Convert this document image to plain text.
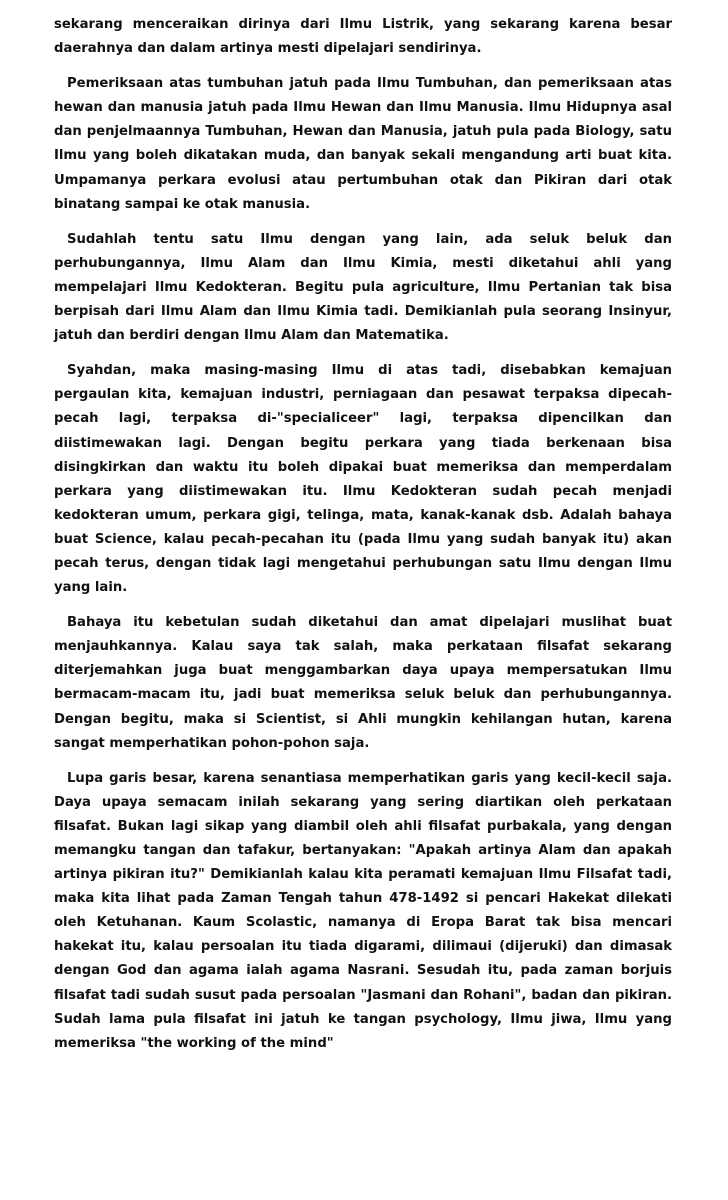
sekarang menceraikan dirinya dari Ilmu Listrik, yang sekarang karena besar daerahnya dan dalam artinya mesti dipelajari sendirinya.

Pemeriksaan atas tumbuhan jatuh pada Ilmu Tumbuhan, dan pemeriksaan atas hewan dan manusia jatuh pada Ilmu Hewan dan Ilmu Manusia. Ilmu Hidupnya asal dan penjelmaannya Tumbuhan, Hewan dan Manusia, jatuh pula pada Biology, satu Ilmu yang boleh dikatakan muda, dan banyak sekali mengandung arti buat kita. Umpamanya perkara evolusi atau pertumbuhan otak dan Pikiran dari otak binatang sampai ke otak manusia.

Sudahlah tentu satu Ilmu dengan yang lain, ada seluk beluk dan perhubungannya, Ilmu Alam dan Ilmu Kimia, mesti diketahui ahli yang mempelajari Ilmu Kedokteran. Begitu pula agriculture, Ilmu Pertanian tak bisa berpisah dari Ilmu Alam dan Ilmu Kimia tadi. Demikianlah pula seorang Insinyur, jatuh dan berdiri dengan Ilmu Alam dan Matematika.

Syahdan, maka masing-masing Ilmu di atas tadi, disebabkan kemajuan pergaulan kita, kemajuan industri, perniagaan dan pesawat terpaksa dipecah-pecah lagi, terpaksa di-"specialiceer" lagi, terpaksa dipencilkan dan diistimewakan lagi. Dengan begitu perkara yang tiada berkenaan bisa disingkirkan dan waktu itu boleh dipakai buat memeriksa dan memperdalam perkara yang diistimewakan itu. Ilmu Kedokteran sudah pecah menjadi kedokteran umum, perkara gigi, telinga, mata, kanak-kanak dsb. Adalah bahaya buat Science, kalau pecah-pecahan itu (pada Ilmu yang sudah banyak itu) akan pecah terus, dengan tidak lagi mengetahui perhubungan satu Ilmu dengan Ilmu yang lain.

Bahaya itu kebetulan sudah diketahui dan amat dipelajari muslihat buat menjauhkannya. Kalau saya tak salah, maka perkataan filsafat sekarang diterjemahkan juga buat menggambarkan daya upaya mempersatukan Ilmu bermacam-macam itu, jadi buat memeriksa seluk beluk dan perhubungannya. Dengan begitu, maka si Scientist, si Ahli mungkin kehilangan hutan, karena sangat memperhatikan pohon-pohon saja.

Lupa garis besar, karena senantiasa memperhatikan garis yang kecil-kecil saja. Daya upaya semacam inilah sekarang yang sering diartikan oleh perkataan filsafat. Bukan lagi sikap yang diambil oleh ahli filsafat purbakala, yang dengan memangku tangan dan tafakur, bertanyakan: "Apakah artinya Alam dan apakah artinya pikiran itu?" Demikianlah kalau kita peramati kemajuan Ilmu Filsafat tadi, maka kita lihat pada Zaman Tengah tahun 478-1492 si pencari Hakekat dilekati oleh Ketuhanan. Kaum Scolastic, namanya di Eropa Barat tak bisa mencari hakekat itu, kalau persoalan itu tiada digarami, dilimaui (dijeruki) dan dimasak dengan God dan agama ialah agama Nasrani. Sesudah itu, pada zaman borjuis filsafat tadi sudah susut pada persoalan "Jasmani dan Rohani", badan dan pikiran. Sudah lama pula filsafat ini jatuh ke tangan psychology, Ilmu jiwa, Ilmu yang memeriksa "the working of the mind"
